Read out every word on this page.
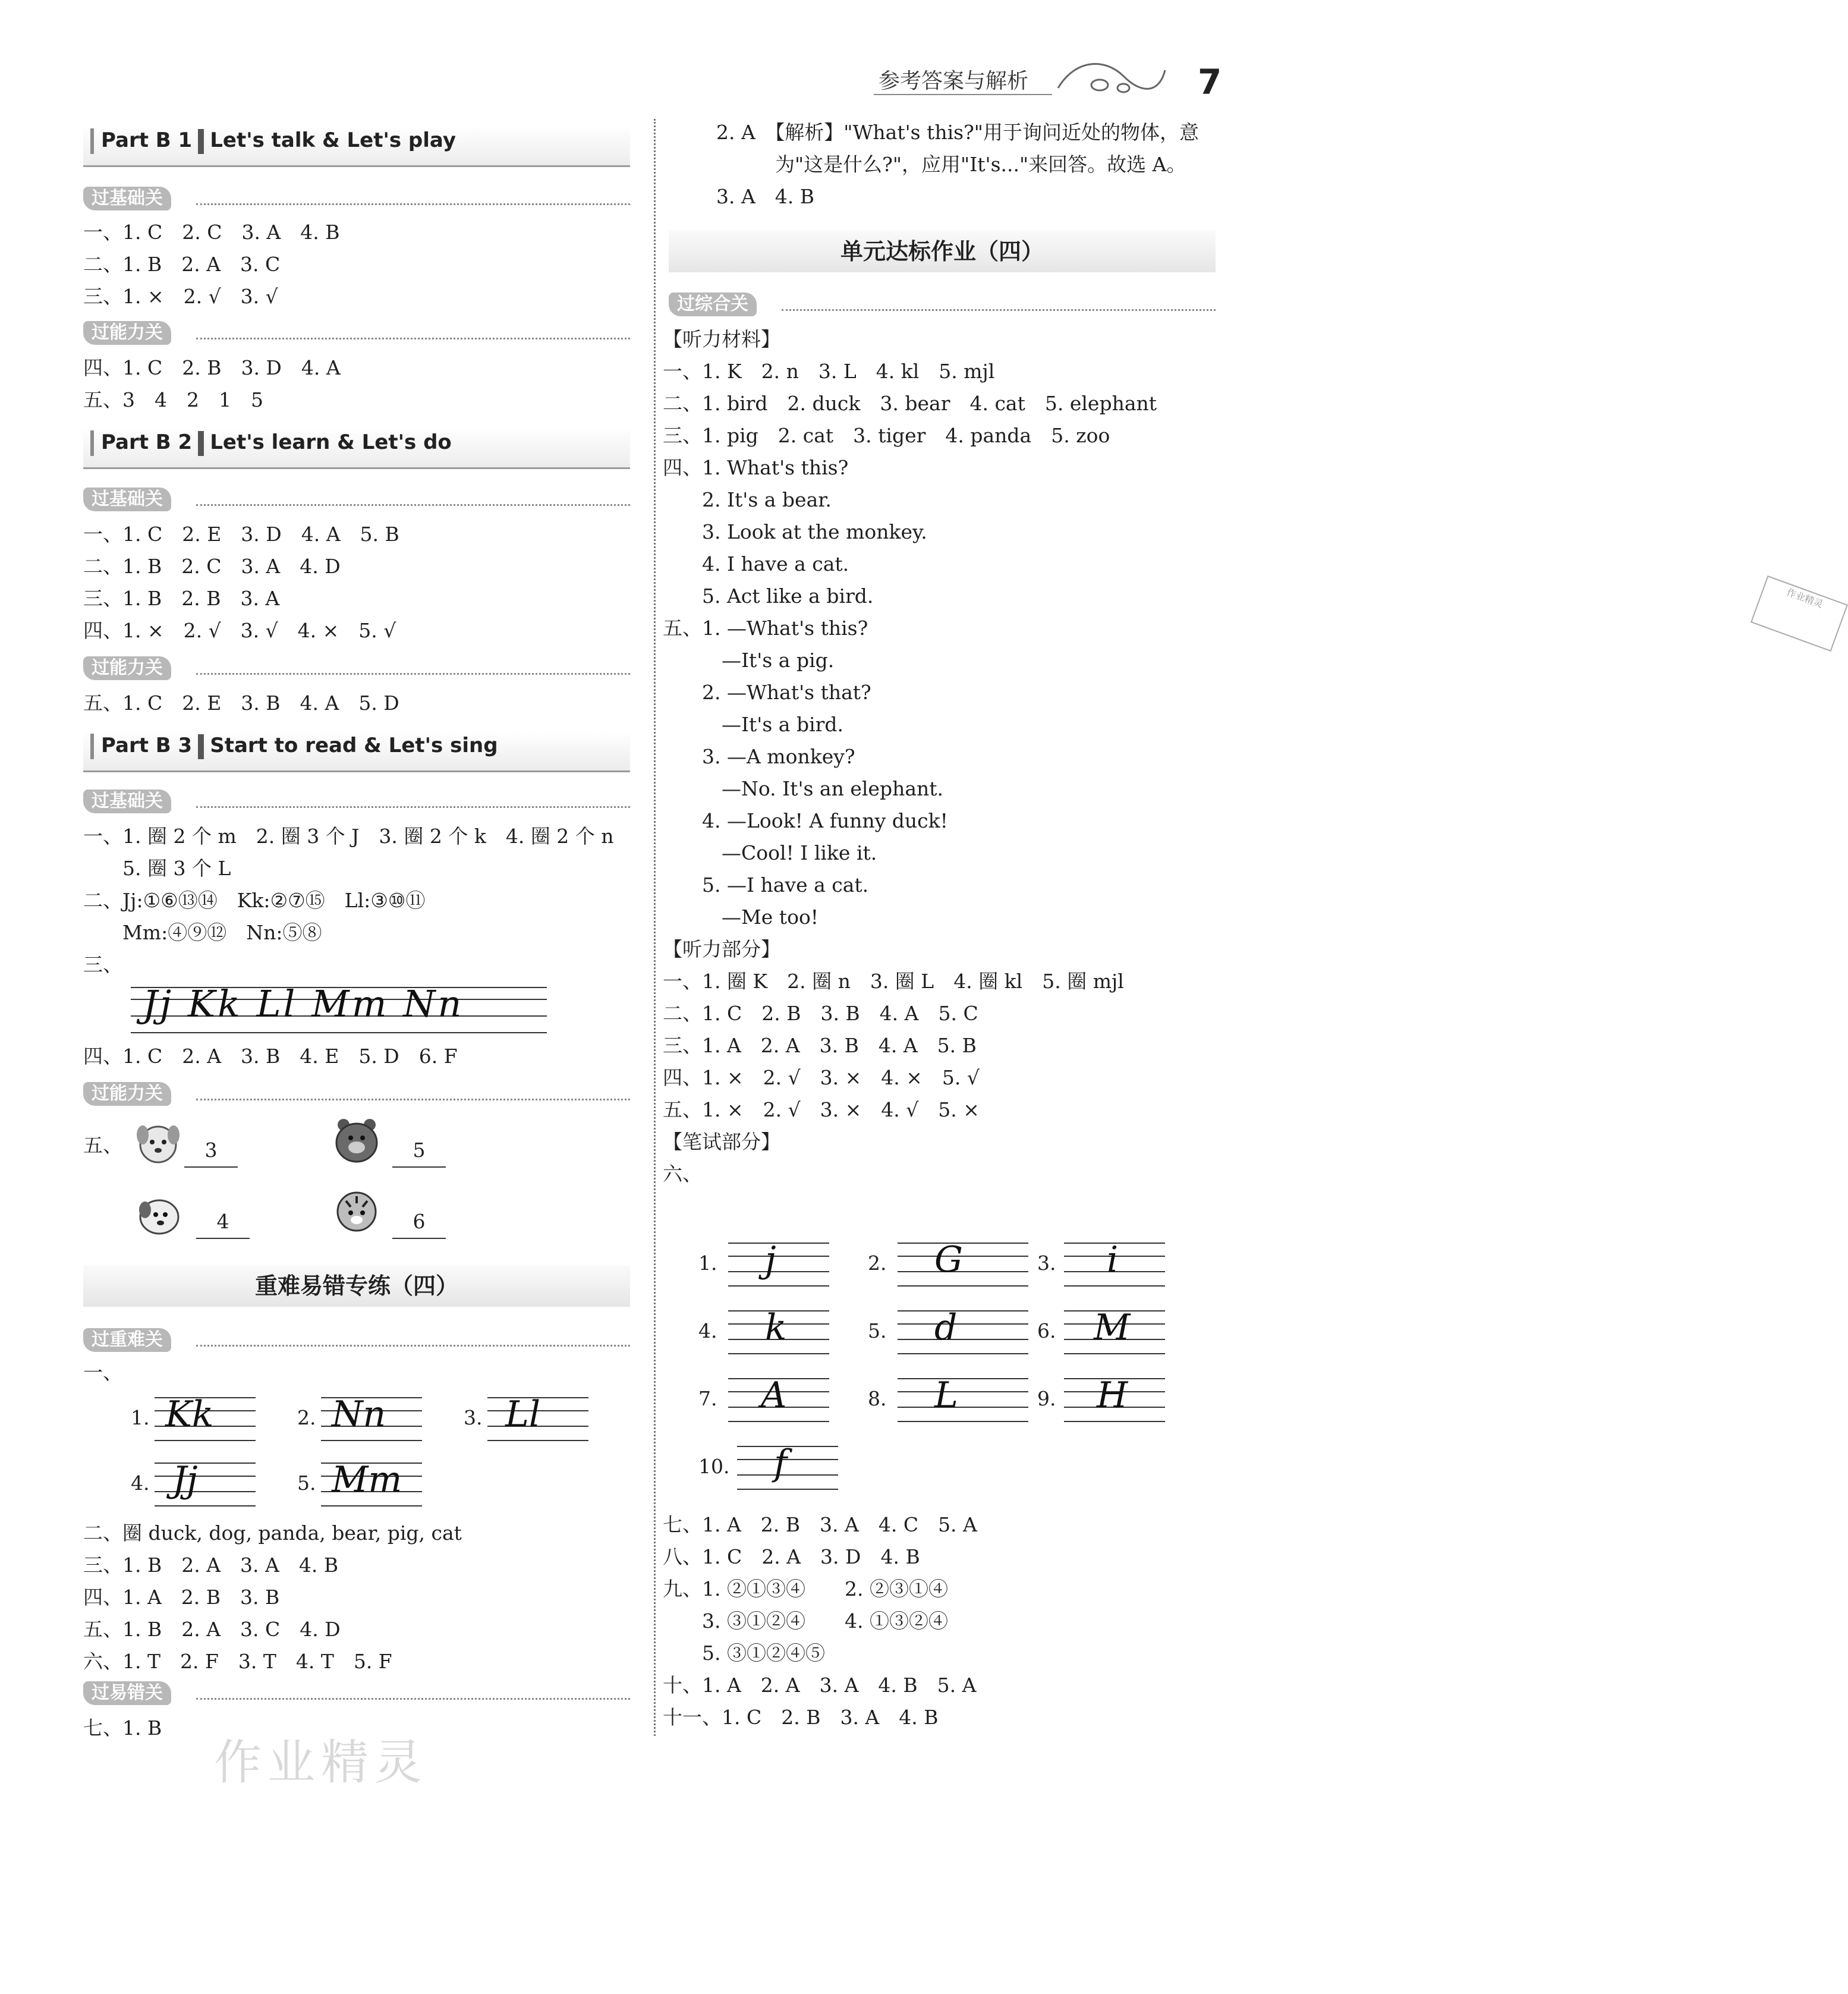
参考答案与解析	7
Part B 1 Let's talk & Let's play
过基础关
一、1. C　2. C　3. A　4. B
二、1. B　2. A　3. C
三、1. ×　2. √　3. √
过能力关
四、1. C　2. B　3. D　4. A
五、3　4　2　1　5
Part B 2 Let's learn & Let's do
过基础关
一、1. C　2. E　3. D　4. A　5. B
二、1. B　2. C　3. A　4. D
三、1. B　2. B　3. A
四、1. ×　2. √　3. √　4. ×　5. √
过能力关
五、1. C　2. E　3. B　4. A　5. D
Part B 3 Start to read & Let's sing
过基础关
一、1. 圈 2 个 m　2. 圈 3 个 J　3. 圈 2 个 k　4. 圈 2 个 n
　　5. 圈 3 个 L
二、Jj:①⑥⑬⑭　Kk:②⑦⑮　Ll:③⑩⑪
　　Mm:④⑨⑫　Nn:⑤⑧
三、
Jj Kk Ll Mm Nn
四、1. C　2. A　3. B　4. E　5. D　6. F
过能力关
五、	3	5
4	6
重难易错专练（四）
过重难关
一、
1. Kk	2. Nn	3. Ll
4. Jj	5. Mm
二、圈 duck, dog, panda, bear, pig, cat
三、1. B　2. A　3. A　4. B
四、1. A　2. B　3. B
五、1. B　2. A　3. C　4. D
六、1. T　2. F　3. T　4. T　5. F
过易错关
七、1. B
作业精灵
2. A　【解析】"What's this?"用于询问近处的物体，意
　　　为"这是什么?"，应用"It's..."来回答。故选 A。
3. A　4. B
单元达标作业（四）
过综合关
【听力材料】
一、1. K　2. n　3. L　4. kl　5. mjl
二、1. bird　2. duck　3. bear　4. cat　5. elephant
三、1. pig　2. cat　3. tiger　4. panda　5. zoo
四、1. What's this?
　　2. It's a bear.
　　3. Look at the monkey.
　　4. I have a cat.
　　5. Act like a bird.
五、1. —What's this?
　　　—It's a pig.
　　2. —What's that?
　　　—It's a bird.
　　3. —A monkey?
　　　—No. It's an elephant.
　　4. —Look! A funny duck!
　　　—Cool! I like it.
　　5. —I have a cat.
　　　—Me too!
【听力部分】
一、1. 圈 K　2. 圈 n　3. 圈 L　4. 圈 kl　5. 圈 mjl
二、1. C　2. B　3. B　4. A　5. C
三、1. A　2. A　3. B　4. A　5. B
四、1. ×　2. √　3. ×　4. ×　5. √
五、1. ×　2. √　3. ×　4. √　5. ×
【笔试部分】
六、
作业精灵
1. j	2. G	3. i
4. k	5. d	6. M
7. A	8. L	9. H
10. f
七、1. A　2. B　3. A　4. C　5. A
八、1. C　2. A　3. D　4. B
九、1. ②①③④　　2. ②③①④
　　3. ③①②④　　4. ①③②④
　　5. ③①②④⑤
十、1. A　2. A　3. A　4. B　5. A
十一、1. C　2. B　3. A　4. B
